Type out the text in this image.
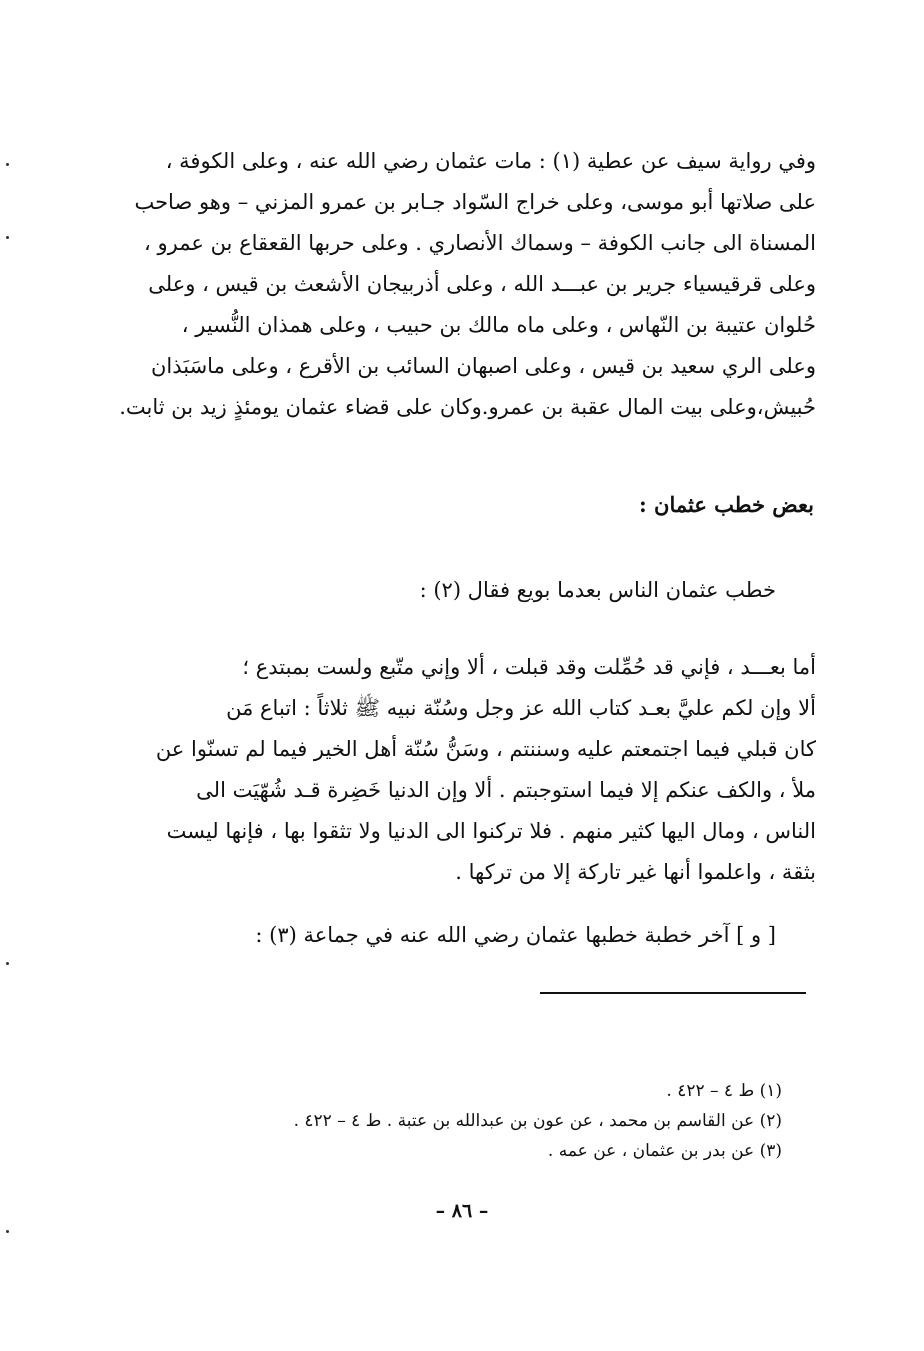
وفي رواية سيف عن عطية (١) : مات عثمان رضي الله عنه ، وعلى الكوفة ،
على صلاتها أبو موسى، وعلى خراج السّواد جـابر بن عمرو المزني – وهو صاحب
المسناة الى جانب الكوفة – وسماك الأنصاري . وعلى حربها القعقاع بن عمرو ،
وعلى قرقيسياء جرير بن عبـــد الله ، وعلى أذربيجان الأشعث بن قيس ، وعلى
حُلوان عتيبة بن النّهاس ، وعلى ماه مالك بن حبيب ، وعلى همذان النُّسير ،
وعلى الري سعيد بن قيس ، وعلى اصبهان السائب بن الأقرع ، وعلى ماسَبَذان
حُبيش،وعلى بيت المال عقبة بن عمرو.وكان على قضاء عثمان يومئذٍ زيد بن ثابت.
بعض خطب عثمان :
خطب عثمان الناس بعدما بويع فقال (٢) :
أما بعـــد ، فإني قد حُمِّلت وقد قبلت ، ألا وإني متّبع ولست بمبتدع ؛
ألا وإن لكم عليَّ بعـد كتاب الله عز وجل وسُنّة نبيه ﷺ ثلاثاً : اتباع مَن
كان قبلي فيما اجتمعتم عليه وسننتم ، وسَنُّ سُنّة أهل الخير فيما لم تسنّوا عن
ملأ ، والكف عنكم إلا فيما استوجبتم . ألا وإن الدنيا خَضِرة قـد شُهّيَت الى
الناس ، ومال اليها كثير منهم . فلا تركنوا الى الدنيا ولا تثقوا بها ، فإنها ليست
بثقة ، واعلموا أنها غير تاركة إلا من تركها .
[ و ] آخر خطبة خطبها عثمان رضي الله عنه في جماعة (٣) :
(١) ط ٤ – ٤٢٢ .
(٢) عن القاسم بن محمد ، عن عون بن عبدالله بن عتبة . ط ٤ – ٤٢٢ .
(٣) عن بدر بن عثمان ، عن عمه .
– ٨٦ –
